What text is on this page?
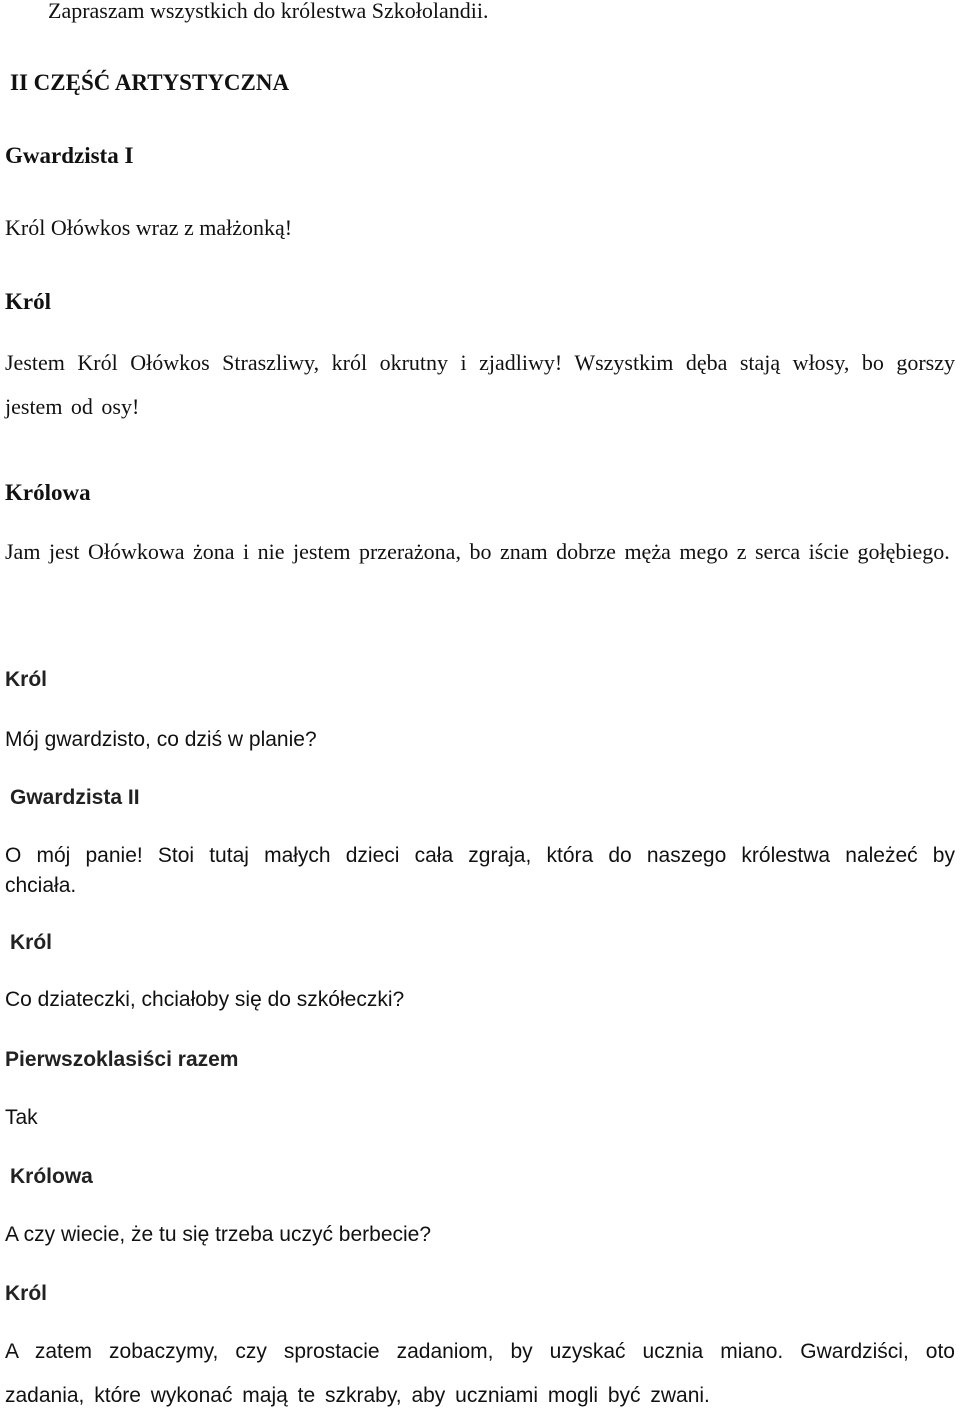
Zapraszam wszystkich do królestwa Szkołolandii.
II CZĘŚĆ ARTYSTYCZNA
Gwardzista I
Król Ołówkos wraz z małżonką!
Król
Jestem Król Ołówkos Straszliwy, król okrutny i zjadliwy! Wszystkim dęba stają włosy, bo gorszy jestem od osy!
Królowa
Jam jest Ołówkowa żona i nie jestem przerażona, bo znam dobrze męża mego z serca iście gołębiego.
Król
Mój gwardzisto, co dziś w planie?
Gwardzista II
O mój panie! Stoi tutaj małych dzieci cała zgraja, która do naszego królestwa należeć by chciała.
Król
Co dziateczki, chciałoby się do szkółeczki?
Pierwszoklasiści razem
Tak
Królowa
A czy wiecie, że tu się trzeba uczyć berbecie?
Król
A zatem zobaczymy, czy sprostacie zadaniom, by uzyskać ucznia miano. Gwardziści, oto zadania, które wykonać mają te szkraby, aby uczniami mogli być zwani.
